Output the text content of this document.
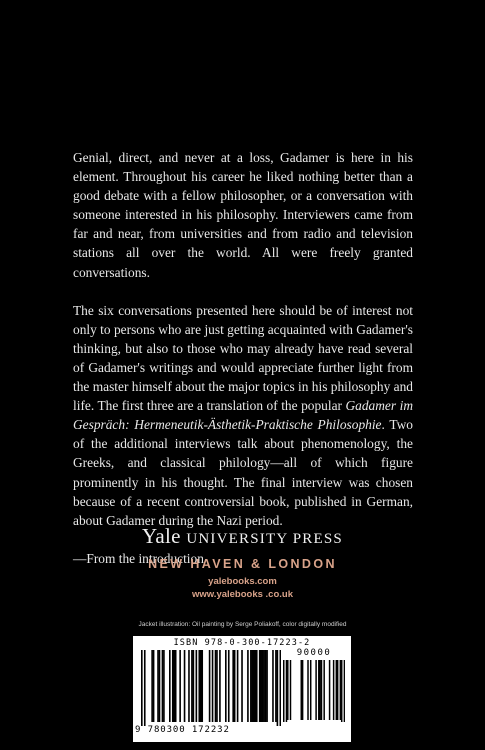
Genial, direct, and never at a loss, Gadamer is here in his element. Throughout his career he liked nothing better than a good debate with a fellow philosopher, or a conversation with someone interested in his philosophy. Interviewers came from far and near, from universities and from radio and television stations all over the world. All were freely granted conversations.

The six conversations presented here should be of interest not only to persons who are just getting acquainted with Gadamer's thinking, but also to those who may already have read several of Gadamer's writings and would appreciate further light from the master himself about the major topics in his philosophy and life. The first three are a translation of the popular Gadamer im Gespräch: Hermeneutik-Ästhetik-Praktische Philosophie. Two of the additional interviews talk about phenomenology, the Greeks, and classical philology—all of which figure prominently in his thought. The final interview was chosen because of a recent controversial book, published in German, about Gadamer during the Nazi period.

—From the introduction

Yale UNIVERSITY PRESS
NEW HAVEN & LONDON
yalebooks.com
www.yalebooks .co.uk
Jacket illustration: Oil painting by Serge Poliakoff, color digitally modified
ISBN 978-0-300-17223-2
90000
9 780300 172232
